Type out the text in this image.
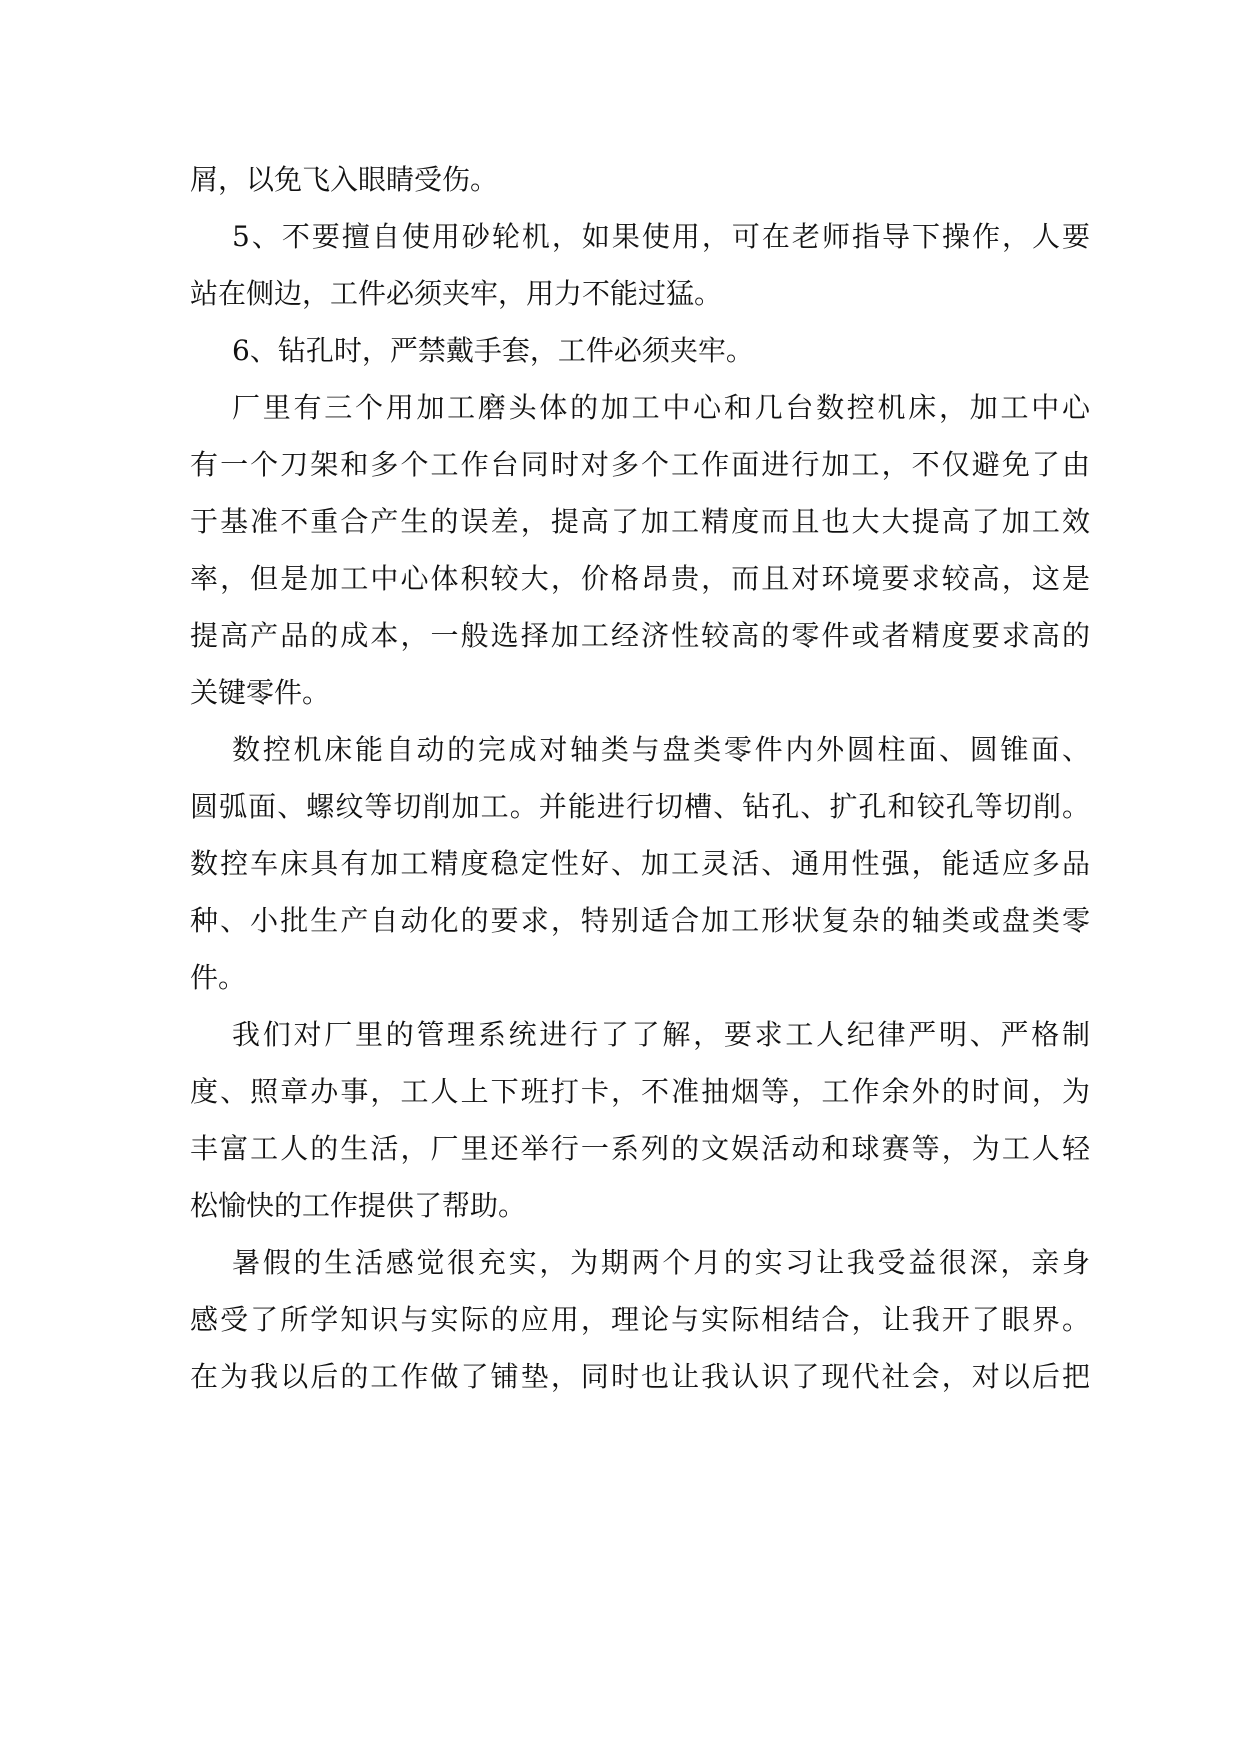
屑，以免飞入眼睛受伤。
5、不要擅自使用砂轮机，如果使用，可在老师指导下操作，人要
站在侧边，工件必须夹牢，用力不能过猛。
6、钻孔时，严禁戴手套，工件必须夹牢。
厂里有三个用加工磨头体的加工中心和几台数控机床，加工中心
有一个刀架和多个工作台同时对多个工作面进行加工，不仅避免了由
于基准不重合产生的误差，提高了加工精度而且也大大提高了加工效
率，但是加工中心体积较大，价格昂贵，而且对环境要求较高，这是
提高产品的成本，一般选择加工经济性较高的零件或者精度要求高的
关键零件。
数控机床能自动的完成对轴类与盘类零件内外圆柱面、圆锥面、
圆弧面、螺纹等切削加工。并能进行切槽、钻孔、扩孔和铰孔等切削。
数控车床具有加工精度稳定性好、加工灵活、通用性强，能适应多品
种、小批生产自动化的要求，特别适合加工形状复杂的轴类或盘类零
件。
我们对厂里的管理系统进行了了解，要求工人纪律严明、严格制
度、照章办事，工人上下班打卡，不准抽烟等，工作余外的时间，为
丰富工人的生活，厂里还举行一系列的文娱活动和球赛等，为工人轻
松愉快的工作提供了帮助。
暑假的生活感觉很充实，为期两个月的实习让我受益很深，亲身
感受了所学知识与实际的应用，理论与实际相结合，让我开了眼界。
在为我以后的工作做了铺垫，同时也让我认识了现代社会，对以后把
